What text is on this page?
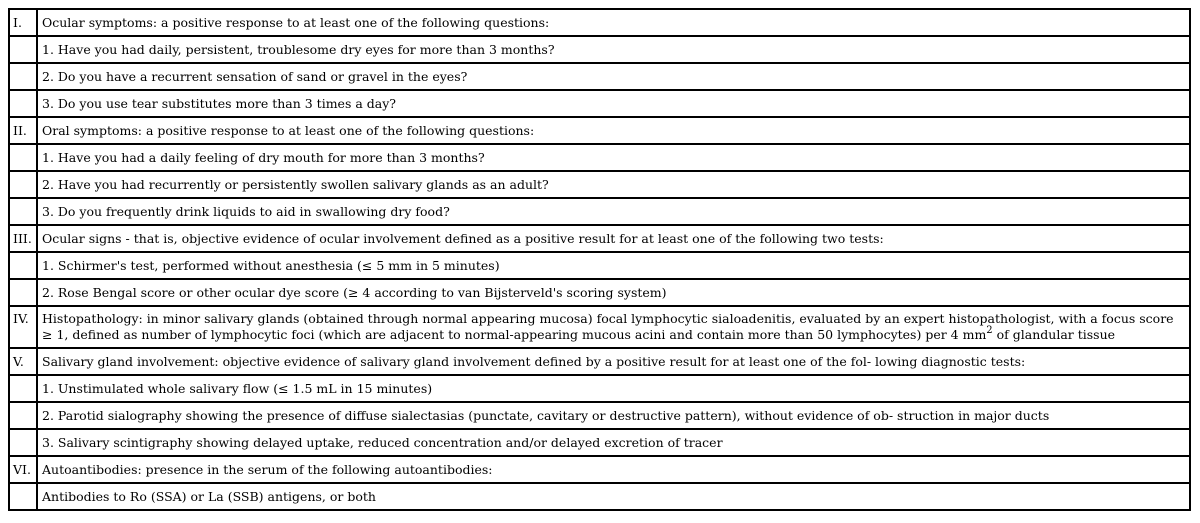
I.	Ocular symptoms: a positive response to at least one of the following questions:
	1. Have you had daily, persistent, troublesome dry eyes for more than 3 months?
	2. Do you have a recurrent sensation of sand or gravel in the eyes?
	3. Do you use tear substitutes more than 3 times a day?
II.	Oral symptoms: a positive response to at least one of the following questions:
	1. Have you had a daily feeling of dry mouth for more than 3 months?
	2. Have you had recurrently or persistently swollen salivary glands as an adult?
	3. Do you frequently drink liquids to aid in swallowing dry food?
III.	Ocular signs - that is, objective evidence of ocular involvement defined as a positive result for at least one of the following two tests:
	1. Schirmer's test, performed without anesthesia (≤ 5 mm in 5 minutes)
	2. Rose Bengal score or other ocular dye score (≥ 4 according to van Bijsterveld's scoring system)
IV.	Histopathology: in minor salivary glands (obtained through normal appearing mucosa) focal lymphocytic sialoadenitis, evaluated by an expert histopathologist, with a focus score ≥ 1, defined as number of lymphocytic foci (which are adjacent to normal-appearing mucous acini and contain more than 50 lymphocytes) per 4 $mm^2$ of glandular tissue
V.	Salivary gland involvement: objective evidence of salivary gland involvement defined by a positive result for at least one of the fol- lowing diagnostic tests:
	1. Unstimulated whole salivary flow (≤ 1.5 mL in 15 minutes)
	2. Parotid sialography showing the presence of diffuse sialectasias (punctate, cavitary or destructive pattern), without evidence of ob- struction in major ducts
	3. Salivary scintigraphy showing delayed uptake, reduced concentration and/or delayed excretion of tracer
VI.	Autoantibodies: presence in the serum of the following autoantibodies:
	Antibodies to Ro (SSA) or La (SSB) antigens, or both
